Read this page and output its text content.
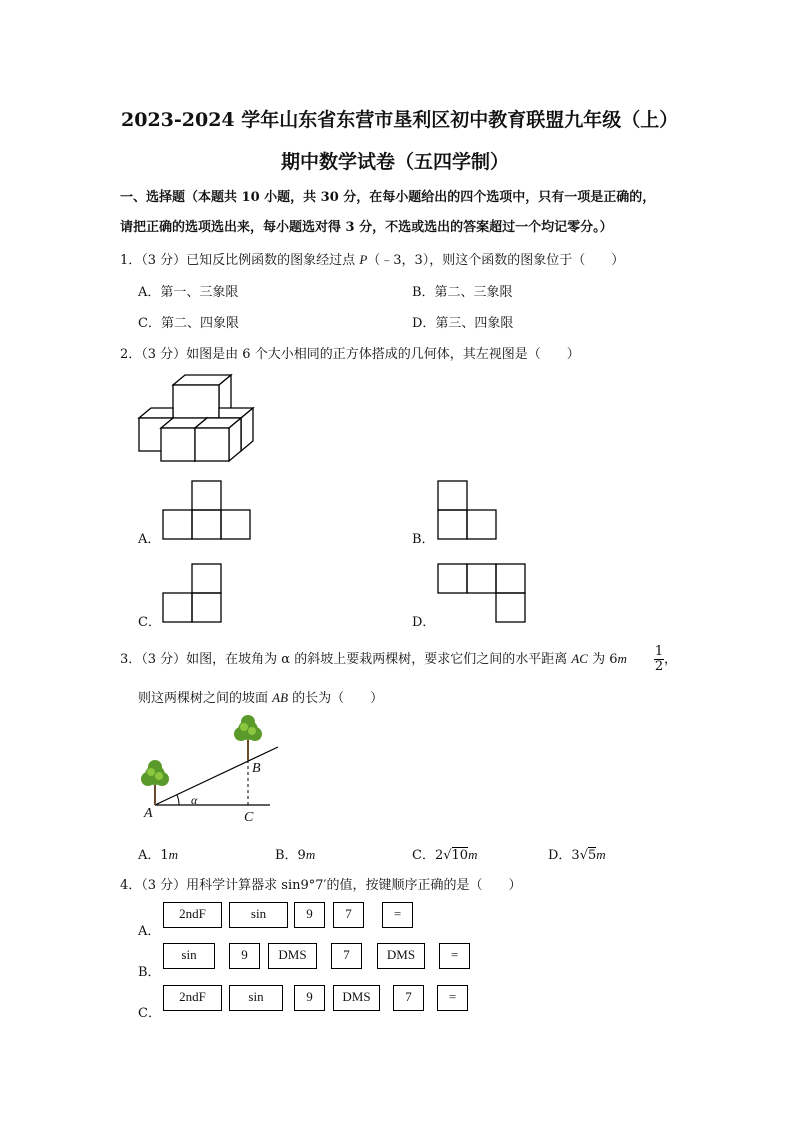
2023-2024 学年山东省东营市垦利区初中教育联盟九年级（上）
期中数学试卷（五四学制）
一、选择题（本题共 10 小题，共 30 分，在每小题给出的四个选项中，只有一项是正确的，
请把正确的选项选出来，每小题选对得 3 分，不选或选出的答案超过一个均记零分。）
1．（3 分）已知反比例函数的图象经过点 P（﹣3，3），则这个函数的图象位于（　　）
A．第一、三象限	B．第二、三象限
C．第二、四象限	D．第三、四象限
2．（3 分）如图是由 6 个大小相同的正方体搭成的几何体，其左视图是（　　）
A．	B．
C．	D．
3．（3 分）如图，在坡角为 α 的斜坡上要栽两棵树，要求它们之间的水平距离 AC 为 $6m \frac{1}{2}$ ，
则这两棵树之间的坡面 AB 的长为（　　）
A
B
C
α
A．1m	B．9m	C．2√10m	D．3√5m
4．（3 分）用科学计算器求 sin9°7′的值，按键顺序正确的是（　　）
A．
2ndF	sin	9	7	=
B．
sin	9	DMS	7	DMS	=
C．
2ndF	sin	9	DMS	7	=
